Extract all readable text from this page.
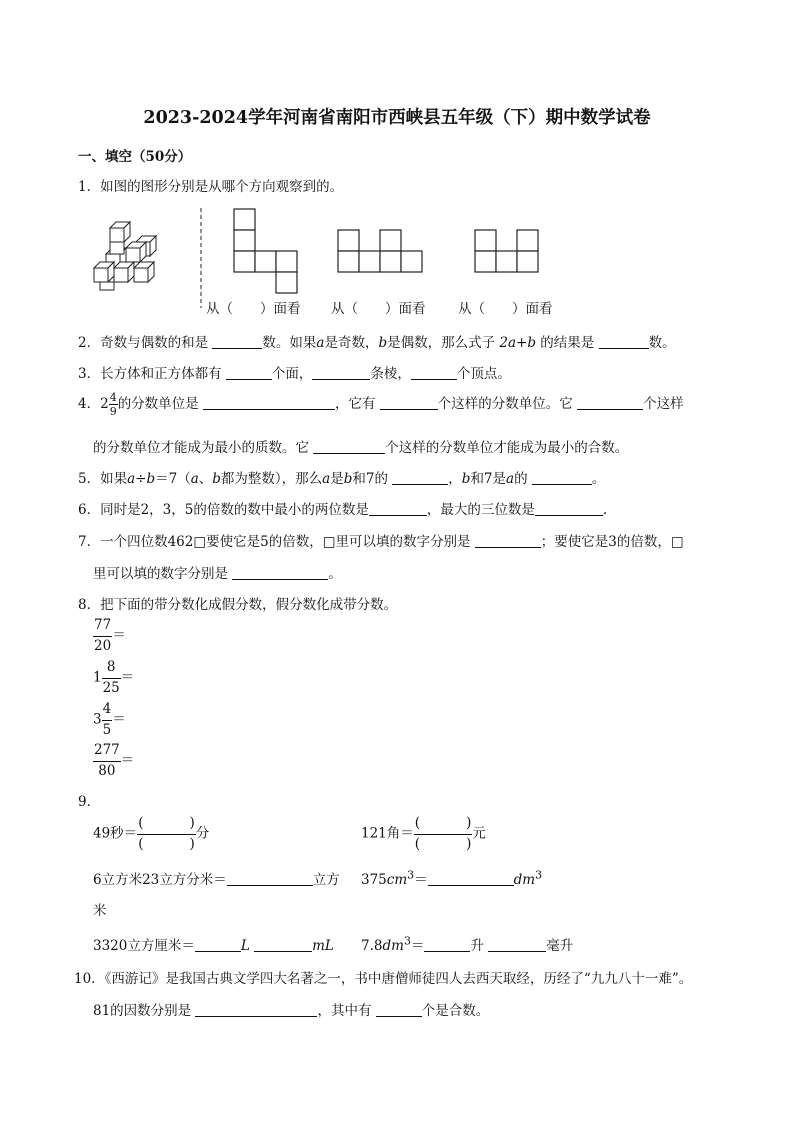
2023-2024学年河南省南阳市西峡县五年级（下）期中数学试卷
一、填空（50分）
1．如图的图形分别是从哪个方向观察到的。
从（　　）面看 从（　　）面看 从（　　）面看
2．奇数与偶数的和是	数。如果a是奇数，b是偶数，那么式子 2a+b 的结果是	数。
3．长方体和正方体都有	个面，	条棱，	个顶点。
4．$2 \frac{4}{9}$ 的分数单位是	，它有	个这样的分数单位。它	个这样
的分数单位才能成为最小的质数。它	个这样的分数单位才能成为最小的合数。
5．如果a÷b＝7（a、b都为整数），那么a是b和7的	，b和7是a的	。
6．同时是2，3，5的倍数的数中最小的两位数是	，最大的三位数是	.
7．一个四位数462□要使它是5的倍数，□里可以填的数字分别是	；要使它是3的倍数，□
里可以填的数字分别是	。
8．把下面的带分数化成假分数，假分数化成带分数。
$\frac{77}{20}$ ＝
$1 \frac{8}{25}$ ＝
$3 \frac{4}{5}$ ＝
$\frac{277}{80}$ ＝
9．
49秒＝ (	)
(	) 分	121角＝ (	)
(	) 元
6立方米23立方分米＝	立方
米
$375cm^3=$	$dm^3$
3320立方厘米＝	L	mL $7.8dm^3=$	升	毫升
10．《西游记》是我国古典文学四大名著之一，书中唐僧师徒四人去西天取经，历经了“九九八十一难”。
81的因数分别是	，其中有	个是合数。
